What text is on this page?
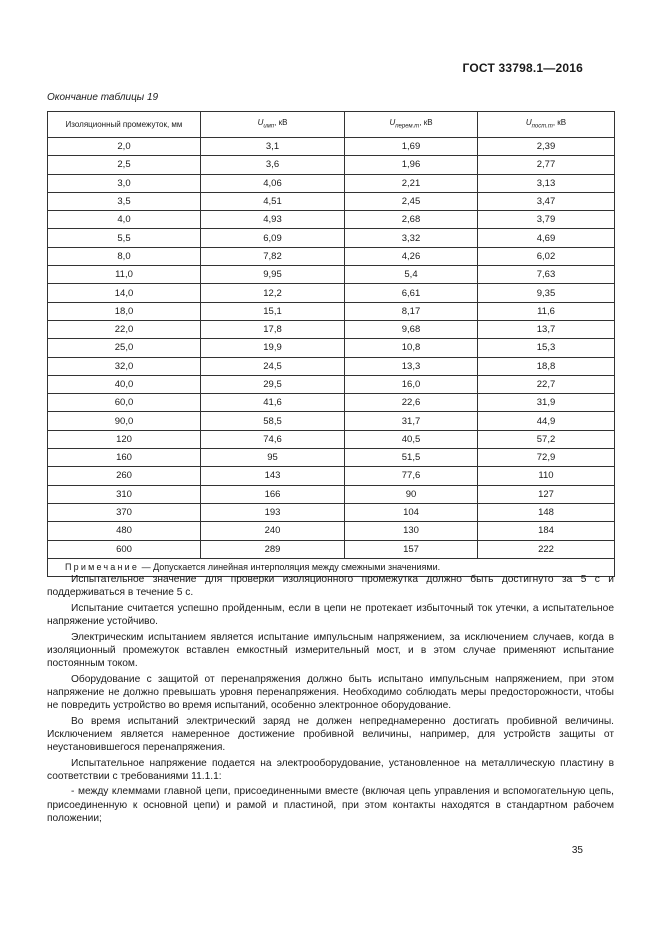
ГОСТ 33798.1—2016
Окончание таблицы 19
Изоляционный промежуток, мм	$U_{имп}$, кВ	$U_{перем.т}$, кВ	$U_{пост.т}$, кВ
2,0	3,1	1,69	2,39
2,5	3,6	1,96	2,77
3,0	4,06	2,21	3,13
3,5	4,51	2,45	3,47
4,0	4,93	2,68	3,79
5,5	6,09	3,32	4,69
8,0	7,82	4,26	6,02
11,0	9,95	5,4	7,63
14,0	12,2	6,61	9,35
18,0	15,1	8,17	11,6
22,0	17,8	9,68	13,7
25,0	19,9	10,8	15,3
32,0	24,5	13,3	18,8
40,0	29,5	16,0	22,7
60,0	41,6	22,6	31,9
90,0	58,5	31,7	44,9
120	74,6	40,5	57,2
160	95	51,5	72,9
260	143	77,6	110
310	166	90	127
370	193	104	148
480	240	130	184
600	289	157	222
Примечание — Допускается линейная интерполяция между смежными значениями.			

Испытательное значение для проверки изоляционного промежутка должно быть достигнуто за 5 с и поддерживаться в течение 5 с.

Испытание считается успешно пройденным, если в цепи не протекает избыточный ток утечки, а испытательное напряжение устойчиво.

Электрическим испытанием является испытание импульсным напряжением, за исключением случаев, когда в изоляционный промежуток вставлен емкостный измерительный мост, и в этом случае применяют испытание постоянным током.

Оборудование с защитой от перенапряжения должно быть испытано импульсным напряжением, при этом напряжение не должно превышать уровня перенапряжения. Необходимо соблюдать меры предосторожности, чтобы не повредить устройство во время испытаний, особенно электронное оборудование.

Во время испытаний электрический заряд не должен непреднамеренно достигать пробивной величины. Исключением является намеренное достижение пробивной величины, например, для устройств защиты от неустановившегося перенапряжения.

Испытательное напряжение подается на электрооборудование, установленное на металлическую пластину в соответствии с требованиями 11.1.1:

- между клеммами главной цепи, присоединенными вместе (включая цепь управления и вспомогательную цепь, присоединенную к основной цепи) и рамой и пластиной, при этом контакты находятся в стандартном рабочем положении;

35
